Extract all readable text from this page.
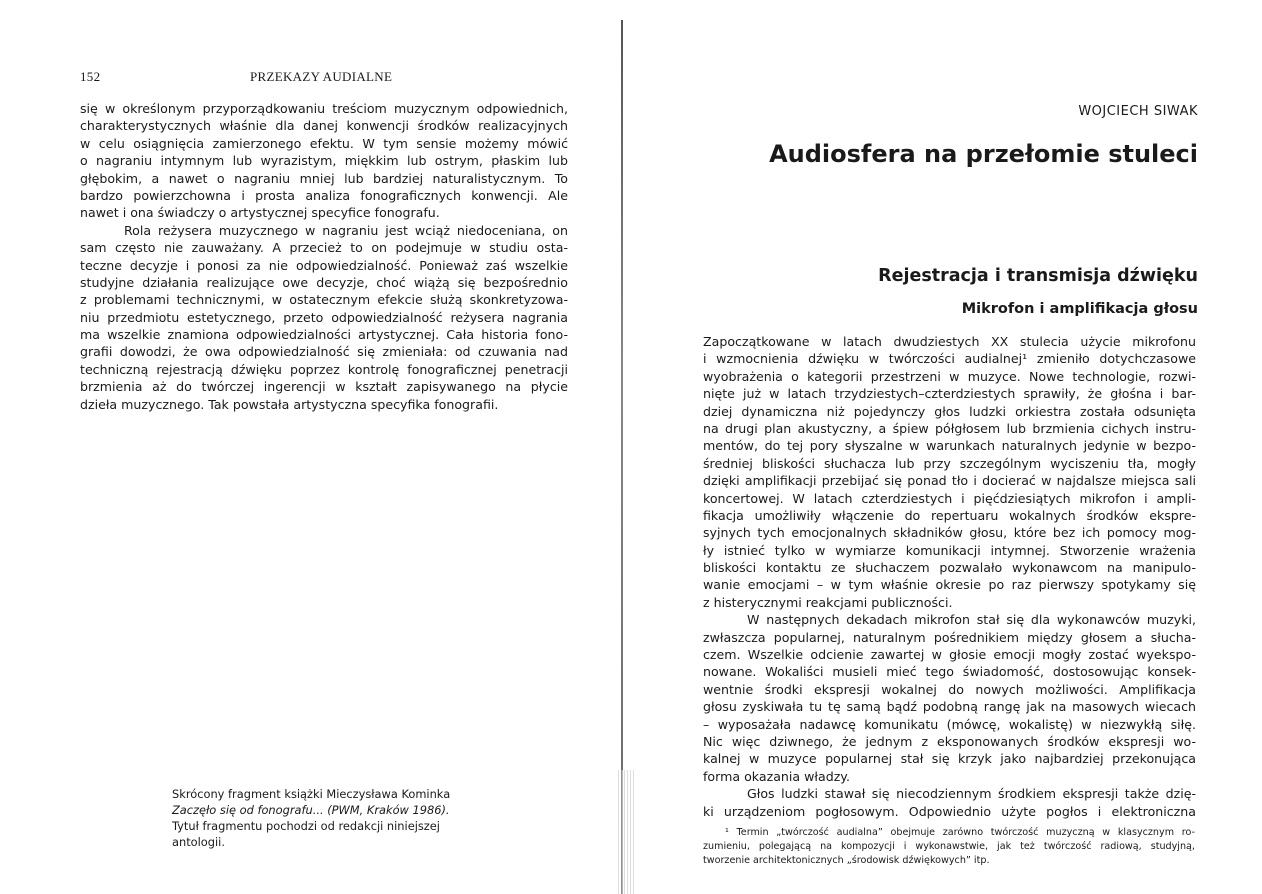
152	PRZEKAZY AUDIALNE
się w określonym przyporządkowaniu treściom muzycznym odpowiednich,
charakterystycznych właśnie dla danej konwencji środków realizacyjnych
w celu osiągnięcia zamierzonego efektu. W tym sensie możemy mówić
o nagraniu intymnym lub wyrazistym, miękkim lub ostrym, płaskim lub
głębokim, a nawet o nagraniu mniej lub bardziej naturalistycznym. To
bardzo powierzchowna i prosta analiza fonograficznych konwencji. Ale
nawet i ona świadczy o artystycznej specyfice fonografu.
Rola reżysera muzycznego w nagraniu jest wciąż niedoceniana, on
sam często nie zauważany. A przecież to on podejmuje w studiu osta-
teczne decyzje i ponosi za nie odpowiedzialność. Ponieważ zaś wszelkie
studyjne działania realizujące owe decyzje, choć wiążą się bezpośrednio
z problemami technicznymi, w ostatecznym efekcie służą skonkretyzowa-
niu przedmiotu estetycznego, przeto odpowiedzialność reżysera nagrania
ma wszelkie znamiona odpowiedzialności artystycznej. Cała historia fono-
grafii dowodzi, że owa odpowiedzialność się zmieniała: od czuwania nad
techniczną rejestracją dźwięku poprzez kontrolę fonograficznej penetracji
brzmienia aż do twórczej ingerencji w kształt zapisywanego na płycie
dzieła muzycznego. Tak powstała artystyczna specyfika fonografii.
Skrócony fragment książki Mieczysława Kominka
Zaczęło się od fonografu... (PWM, Kraków 1986).
Tytuł fragmentu pochodzi od redakcji niniejszej
antologii.
WOJCIECH SIWAK
Audiosfera na przełomie stuleci
Rejestracja i transmisja dźwięku
Mikrofon i amplifikacja głosu
Zapoczątkowane w latach dwudziestych XX stulecia użycie mikrofonu
i wzmocnienia dźwięku w twórczości audialnej¹ zmieniło dotychczasowe
wyobrażenia o kategorii przestrzeni w muzyce. Nowe technologie, rozwi-
nięte już w latach trzydziestych–czterdziestych sprawiły, że głośna i bar-
dziej dynamiczna niż pojedynczy głos ludzki orkiestra została odsunięta
na drugi plan akustyczny, a śpiew półgłosem lub brzmienia cichych instru-
mentów, do tej pory słyszalne w warunkach naturalnych jedynie w bezpo-
średniej bliskości słuchacza lub przy szczególnym wyciszeniu tła, mogły
dzięki amplifikacji przebijać się ponad tło i docierać w najdalsze miejsca sali
koncertowej. W latach czterdziestych i pięćdziesiątych mikrofon i ampli-
fikacja umożliwiły włączenie do repertuaru wokalnych środków ekspre-
syjnych tych emocjonalnych składników głosu, które bez ich pomocy mog-
ły istnieć tylko w wymiarze komunikacji intymnej. Stworzenie wrażenia
bliskości kontaktu ze słuchaczem pozwalało wykonawcom na manipulo-
wanie emocjami – w tym właśnie okresie po raz pierwszy spotykamy się
z histerycznymi reakcjami publiczności.
W następnych dekadach mikrofon stał się dla wykonawców muzyki,
zwłaszcza popularnej, naturalnym pośrednikiem między głosem a słucha-
czem. Wszelkie odcienie zawartej w głosie emocji mogły zostać wyekspo-
nowane. Wokaliści musieli mieć tego świadomość, dostosowując konsek-
wentnie środki ekspresji wokalnej do nowych możliwości. Amplifikacja
głosu zyskiwała tu tę samą bądź podobną rangę jak na masowych wiecach
– wyposażała nadawcę komunikatu (mówcę, wokalistę) w niezwykłą siłę.
Nic więc dziwnego, że jednym z eksponowanych środków ekspresji wo-
kalnej w muzyce popularnej stał się krzyk jako najbardziej przekonująca
forma okazania władzy.
Głos ludzki stawał się niecodziennym środkiem ekspresji także dzię-
ki urządzeniom pogłosowym. Odpowiednio użyte pogłos i elektroniczna
¹ Termin „twórczość audialna” obejmuje zarówno twórczość muzyczną w klasycznym ro-
zumieniu, polegającą na kompozycji i wykonawstwie, jak też twórczość radiową, studyjną,
tworzenie architektonicznych „środowisk dźwiękowych” itp.
